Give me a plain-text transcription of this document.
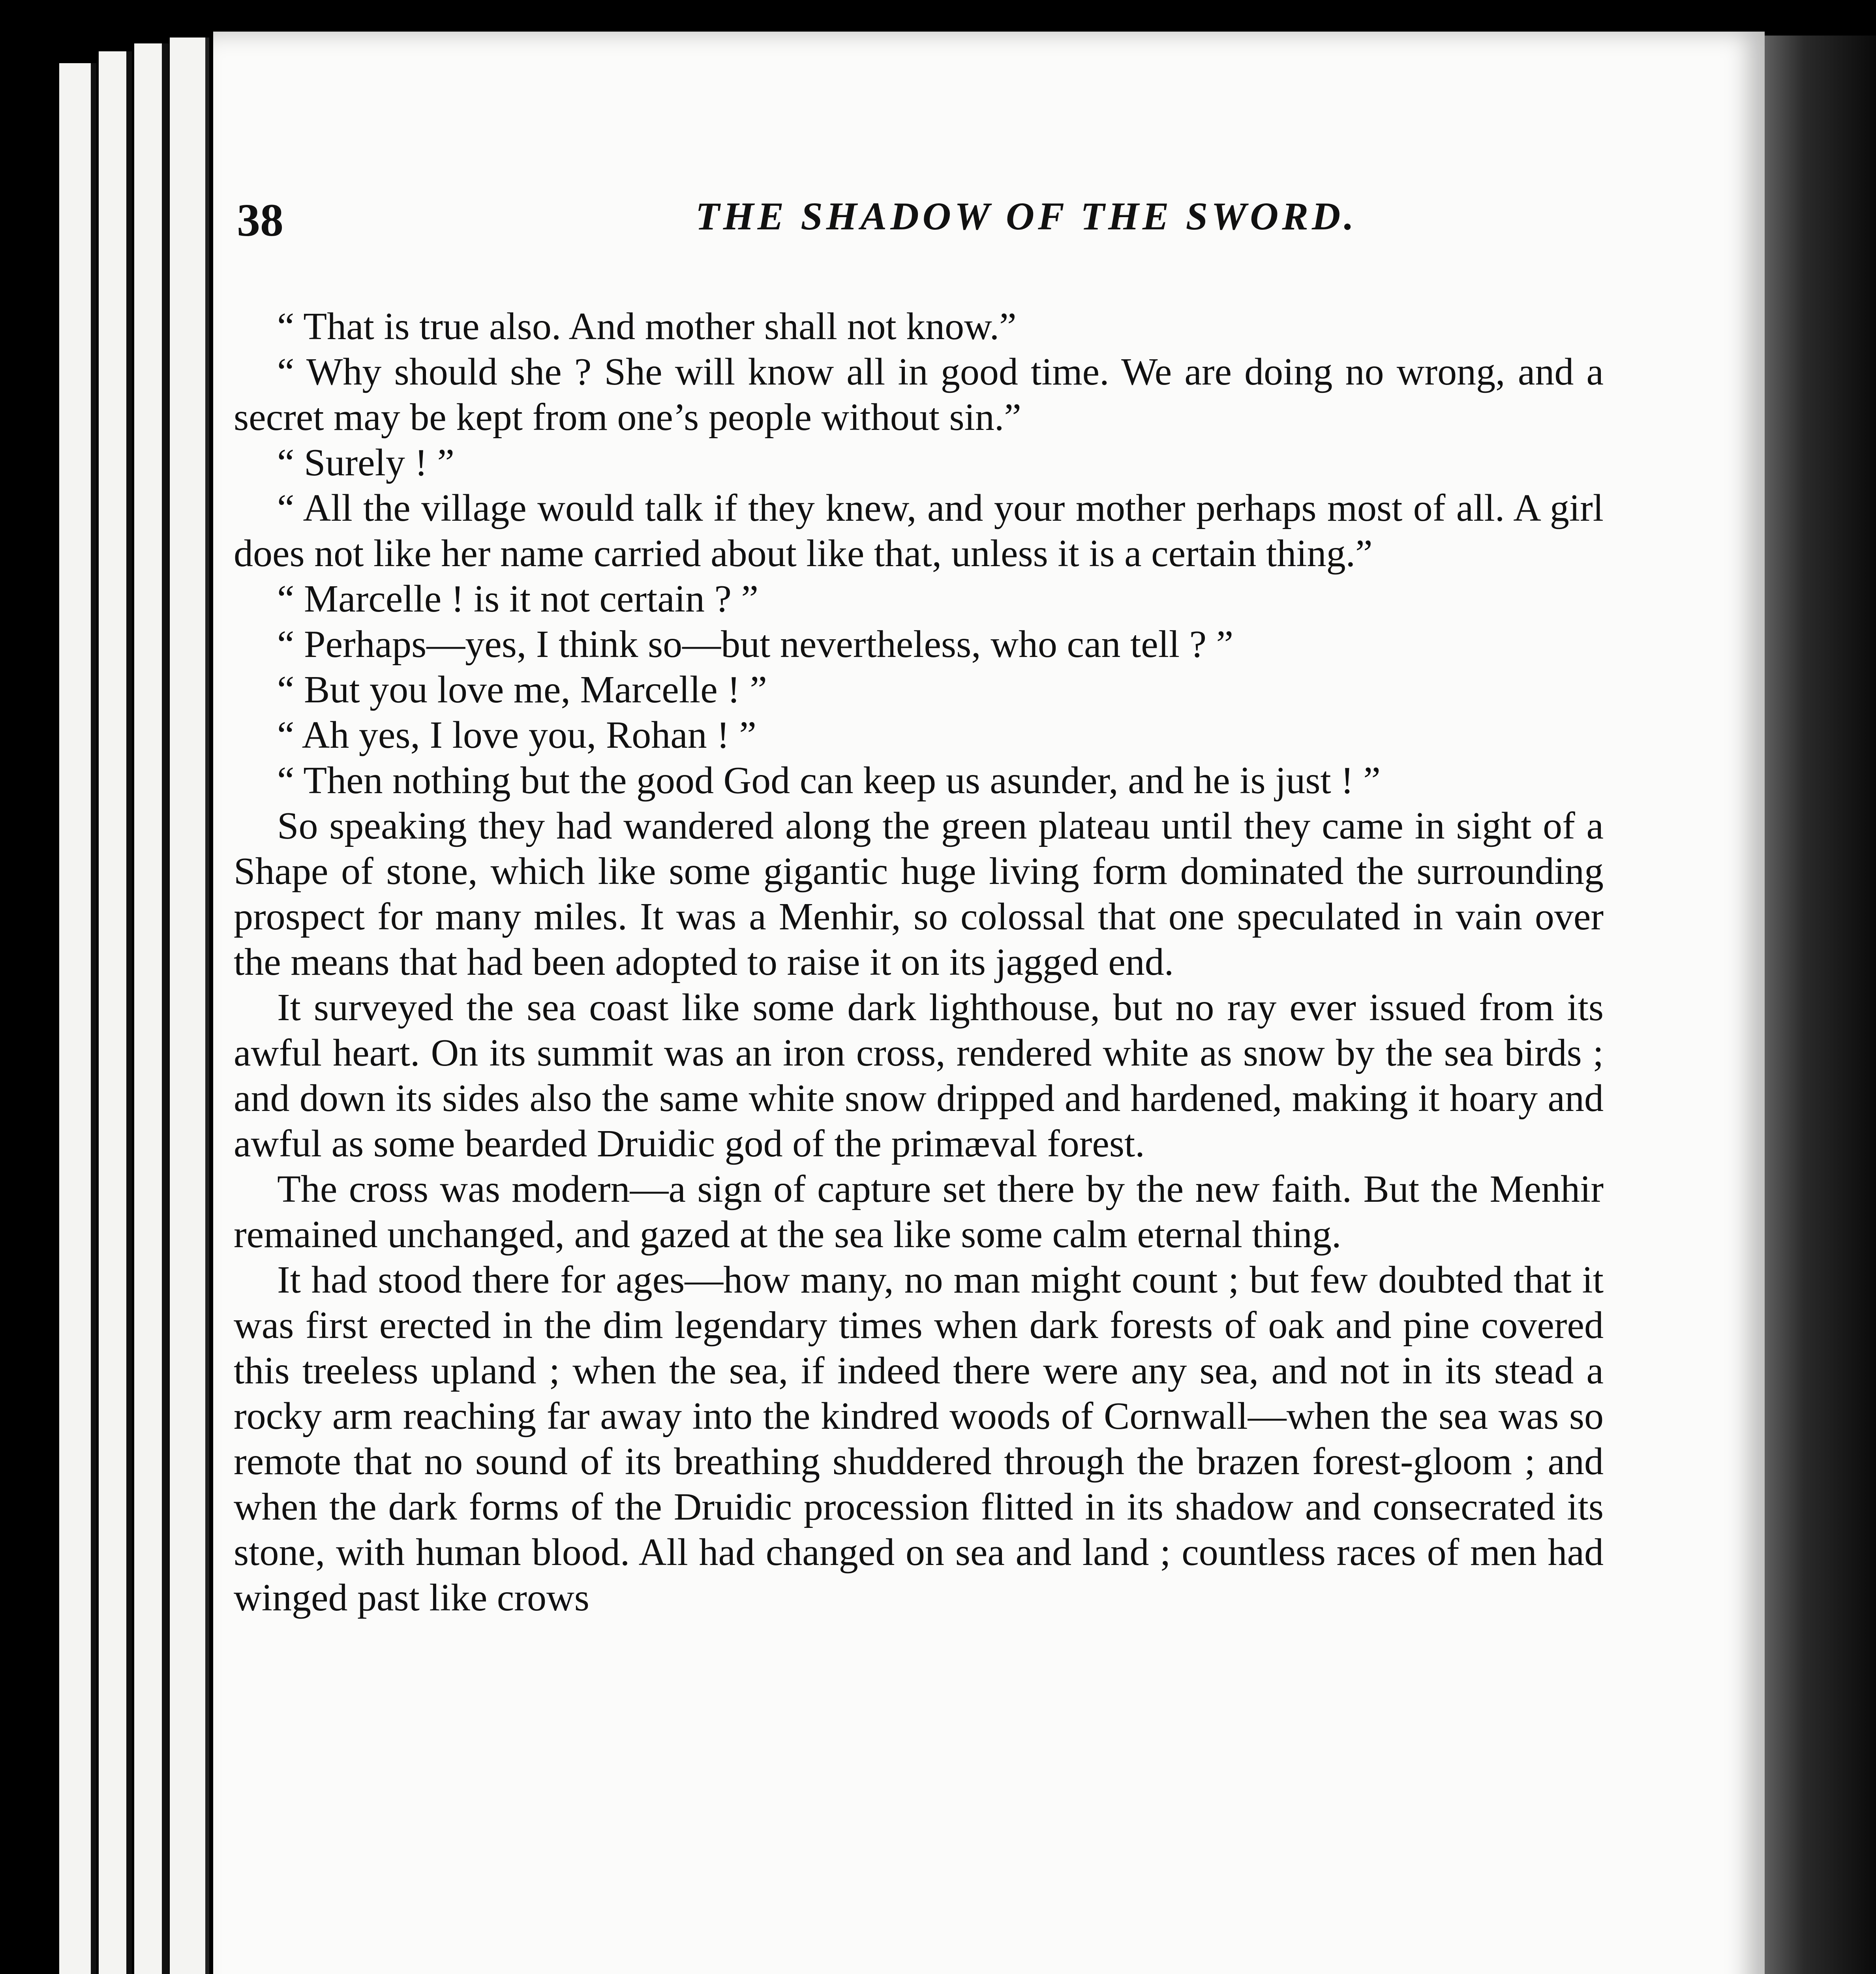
38	THE SHADOW OF THE SWORD.

“ That is true also. And mother shall not know.”

“ Why should she ? She will know all in good time. We are doing no wrong, and a secret may be kept from one’s people without sin.”

“ Surely ! ”

“ All the village would talk if they knew, and your mother perhaps most of all. A girl does not like her name carried about like that, unless it is a certain thing.”

“ Marcelle ! is it not certain ? ”

“ Perhaps—yes, I think so—but nevertheless, who can tell ? ”

“ But you love me, Marcelle ! ”

“ Ah yes, I love you, Rohan ! ”

“ Then nothing but the good God can keep us asunder, and he is just ! ”

So speaking they had wandered along the green plateau until they came in sight of a Shape of stone, which like some gigantic huge living form dominated the surrounding prospect for many miles. It was a Menhir, so colossal that one speculated in vain over the means that had been adopted to raise it on its jagged end.

It surveyed the sea coast like some dark lighthouse, but no ray ever issued from its awful heart. On its summit was an iron cross, rendered white as snow by the sea birds ; and down its sides also the same white snow dripped and hardened, making it hoary and awful as some bearded Druidic god of the primæval forest.

The cross was modern—a sign of capture set there by the new faith. But the Menhir remained unchanged, and gazed at the sea like some calm eternal thing.

It had stood there for ages—how many, no man might count ; but few doubted that it was first erected in the dim legendary times when dark forests of oak and pine covered this treeless upland ; when the sea, if indeed there were any sea, and not in its stead a rocky arm reaching far away into the kindred woods of Cornwall—when the sea was so remote that no sound of its breathing shuddered through the brazen forest-gloom ; and when the dark forms of the Druidic procession flitted in its shadow and consecrated its stone, with human blood. All had changed on sea and land ; countless races of men had winged past like crows
